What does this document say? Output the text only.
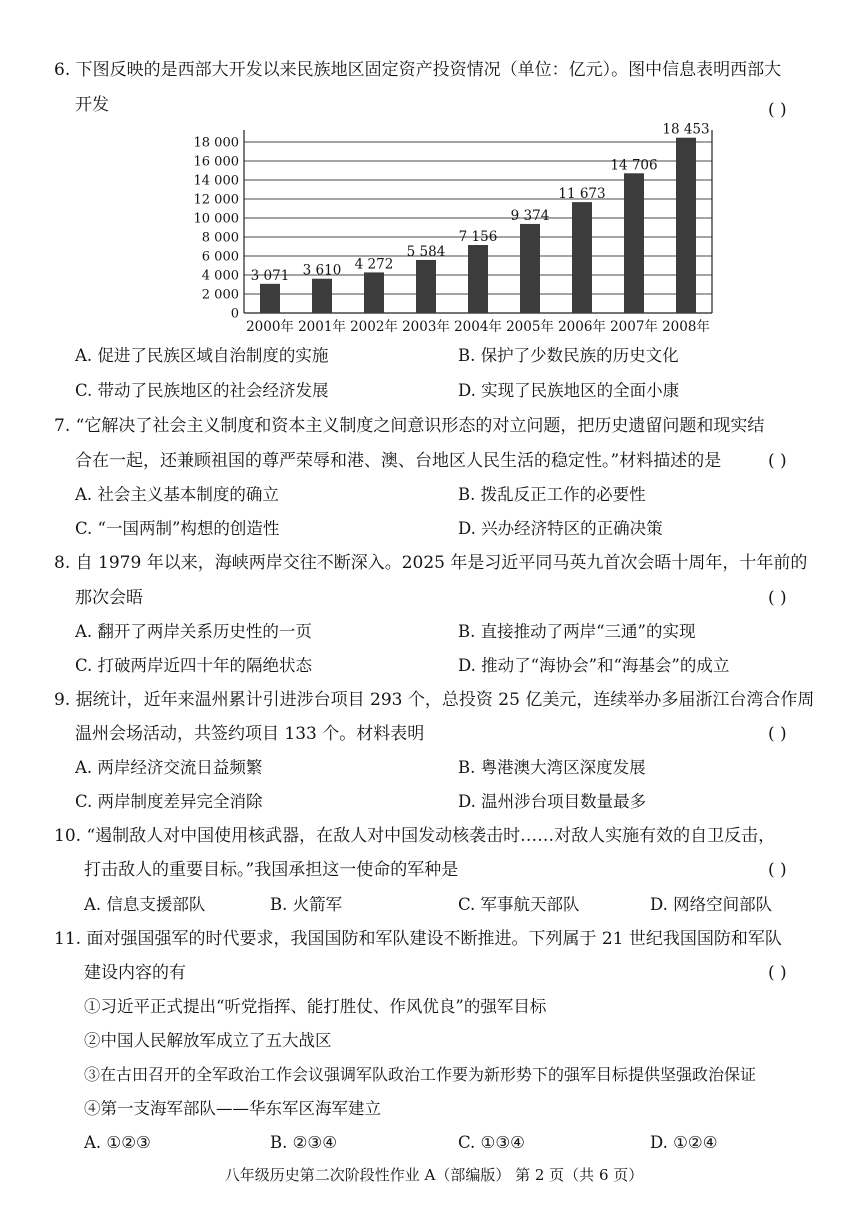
6. 下图反映的是西部大开发以来民族地区固定资产投资情况（单位：亿元）。图中信息表明西部大
开发	( )
0
2 000
4 000
6 000
8 000
10 000
12 000
14 000
16 000
18 000
3 071 3 610 4 272
5 584
7 156
9 374
11 673
14 706
18 453
2000年 2001年 2002年 2003年 2004年 2005年 2006年 2007年 2008年
A. 促进了民族区域自治制度的实施	B. 保护了少数民族的历史文化
C. 带动了民族地区的社会经济发展	D. 实现了民族地区的全面小康
7. “它解决了社会主义制度和资本主义制度之间意识形态的对立问题，把历史遗留问题和现实结
合在一起，还兼顾祖国的尊严荣辱和港、澳、台地区人民生活的稳定性。”材料描述的是	( )
A. 社会主义基本制度的确立	B. 拨乱反正工作的必要性
C. “一国两制”构想的创造性	D. 兴办经济特区的正确决策
8. 自 1979 年以来，海峡两岸交往不断深入。2025 年是习近平同马英九首次会晤十周年，十年前的
那次会晤	( )
A. 翻开了两岸关系历史性的一页	B. 直接推动了两岸“三通”的实现
C. 打破两岸近四十年的隔绝状态	D. 推动了“海协会”和“海基会”的成立
9. 据统计，近年来温州累计引进涉台项目 293 个，总投资 25 亿美元，连续举办多届浙江台湾合作周
温州会场活动，共签约项目 133 个。材料表明	( )
A. 两岸经济交流日益频繁	B. 粤港澳大湾区深度发展
C. 两岸制度差异完全消除	D. 温州涉台项目数量最多
10. “遏制敌人对中国使用核武器，在敌人对中国发动核袭击时……对敌人实施有效的自卫反击，
打击敌人的重要目标。”我国承担这一使命的军种是	( )
A. 信息支援部队	B. 火箭军	C. 军事航天部队	D. 网络空间部队
11. 面对强国强军的时代要求，我国国防和军队建设不断推进。下列属于 21 世纪我国国防和军队
建设内容的有	( )
①习近平正式提出“听党指挥、能打胜仗、作风优良”的强军目标
②中国人民解放军成立了五大战区
③在古田召开的全军政治工作会议强调军队政治工作要为新形势下的强军目标提供坚强政治保证
④第一支海军部队——华东军区海军建立
A. ①②③	B. ②③④	C. ①③④	D. ①②④
八年级历史第二次阶段性作业 A（部编版） 第 2 页（共 6 页）
